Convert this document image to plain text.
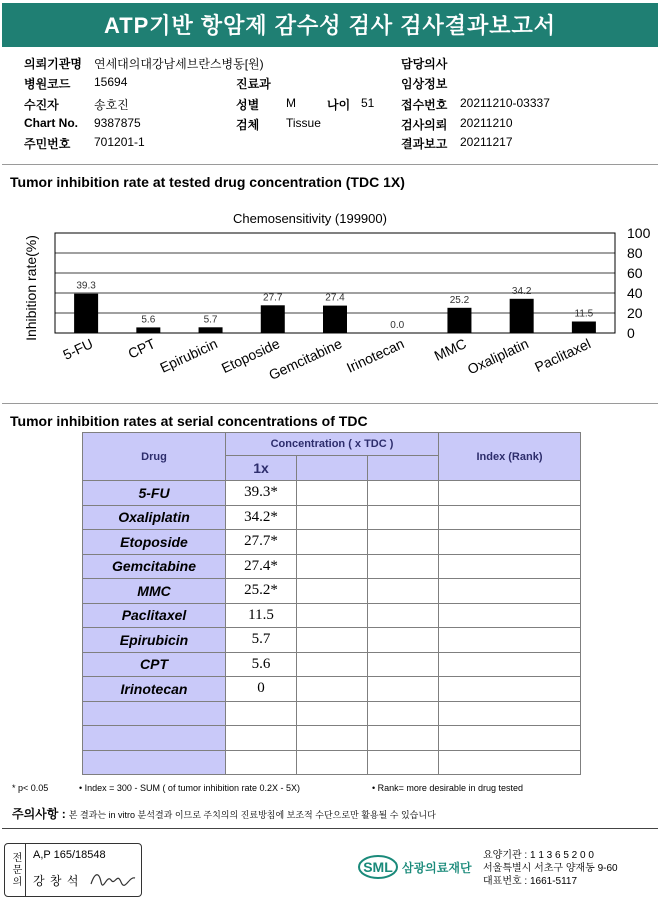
ATP기반 항암제 감수성 검사 검사결과보고서
의뢰기관명 연세대의대강남세브란스병동[원)
병원코드 15694
수진자	송호진
Chart No. 9387875
주민번호 701201-1
진료과
성별 M	나이 51
검체 Tissue
담당의사
임상정보
접수번호 20211210-03337
검사의뢰 20211210
결과보고 20211217
Tumor inhibition rate at tested drug concentration (TDC 1X)
Chemosensitivity (199900)
Inhibition rate(%)	39.3
5.6	5.7
27.7	27.4
0.0
25.2
34.2
11.5
5-FU CPT Epirubicin Etoposide
Gemcitabine Irinotecan MMC
Oxaliplatin Paclitaxel
0
20
40
60
80
100
Tumor inhibition rates at serial concentrations of TDC
Drug	Concentration ( x TDC )			Index (Rank)
	1x			
5-FU	39.3*			
Oxaliplatin	34.2*			
Etoposide	27.7*			
Gemcitabine	27.4*			
MMC	25.2*			
Paclitaxel	11.5			
Epirubicin	5.7			
CPT	5.6			
Irinotecan	0			

* p< 0.05	• Index = 300 - SUM ( of tumor inhibition rate 0.2X - 5X)	• Rank= more desirable in drug tested
주의사항 : 본 결과는 in vitro 분석결과 이므로 주치의의 진료방침에 보조적 수단으로만 활용될 수 있습니다
전문의	A,P 165/18548
강 창 석
SML 삼광의료재단
요양기관 : 1 1 3 6 5 2 0 0
서울특별시 서초구 양재동 9-60
대표번호 : 1661-5117
